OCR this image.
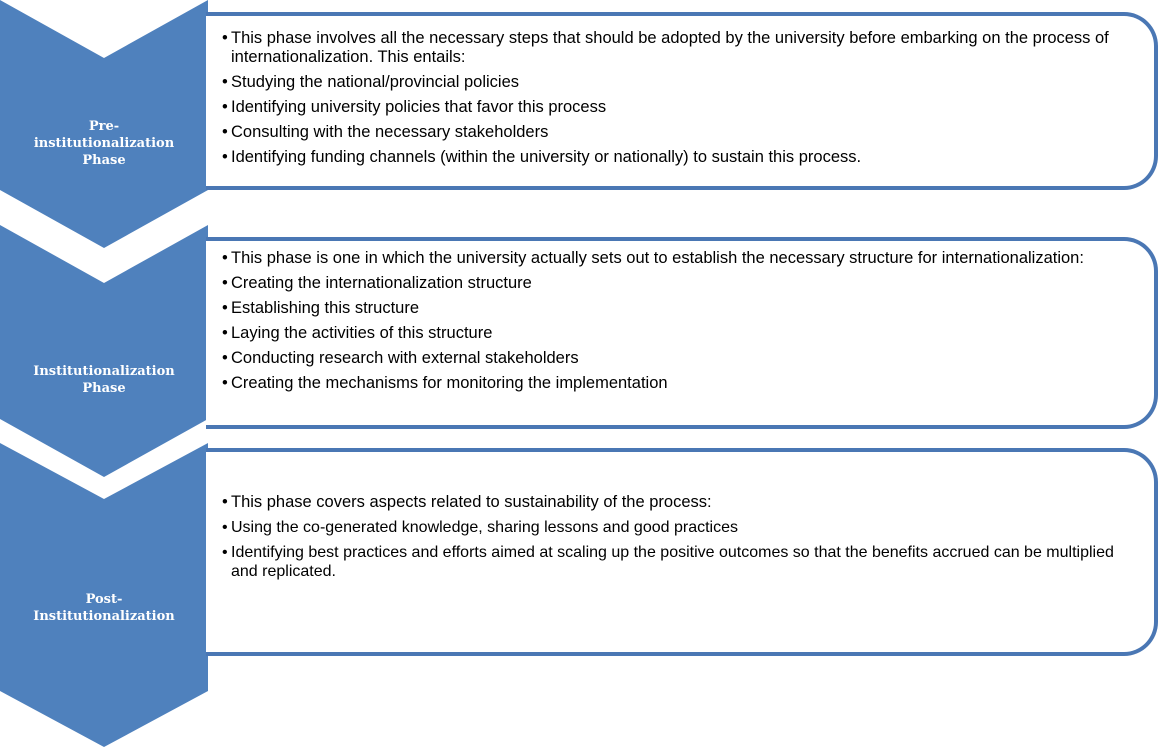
Pre-
institutionalization
Phase

• This phase involves all the necessary steps that should be adopted by the university before embarking on the process of internationalization. This entails:

• Studying the national/provincial policies

• Identifying university policies that favor this process

• Consulting with the necessary stakeholders

• Identifying funding channels (within the university or nationally) to sustain this process.

Institutionalization
Phase

• This phase is one in which the university actually sets out to establish the necessary structure for internationalization:

• Creating the internationalization structure

• Establishing this structure

• Laying the activities of this structure

• Conducting research with external stakeholders

• Creating the mechanisms for monitoring the implementation

Post-
Institutionalization

• This phase covers aspects related to sustainability of the process:

• Using the co-generated knowledge, sharing lessons and good practices

• Identifying best practices and efforts aimed at scaling up the positive outcomes so that the benefits accrued can be multiplied and replicated.
